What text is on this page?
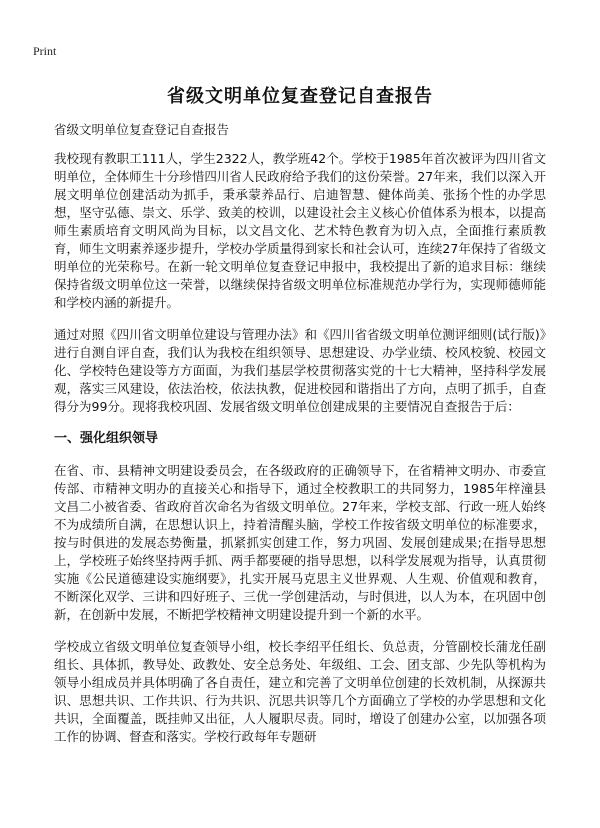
Print
省级文明单位复查登记自查报告
省级文明单位复查登记自查报告

我校现有教职工111人，学生2322人，教学班42个。学校于1985年首次被评为四川省文明单位，全体师生十分珍惜四川省人民政府给予我们的这份荣誉。27年来，我们以深入开展文明单位创建活动为抓手，秉承蒙养品行、启迪智慧、健体尚美、张扬个性的办学思想，坚守弘德、崇文、乐学、致美的校训，以建设社会主义核心价值体系为根本，以提高师生素质培育文明风尚为目标，以文昌文化、艺术特色教育为切入点，全面推行素质教育，师生文明素养逐步提升，学校办学质量得到家长和社会认可，连续27年保持了省级文明单位的光荣称号。在新一轮文明单位复查登记申报中，我校提出了新的追求目标：继续保持省级文明单位这一荣誉，以继续保持省级文明单位标准规范办学行为，实现师德师能和学校内涵的新提升。

通过对照《四川省文明单位建设与管理办法》和《四川省省级文明单位测评细则(试行版)》进行自测自评自查，我们认为我校在组织领导、思想建设、办学业绩、校风校貌、校园文化、学校特色建设等方方面面，为我们基层学校贯彻落实党的十七大精神，坚持科学发展观，落实三风建设，依法治校，依法执教，促进校园和谐指出了方向，点明了抓手，自查得分为99分。现将我校巩固、发展省级文明单位创建成果的主要情况自查报告于后：

一、强化组织领导

在省、市、县精神文明建设委员会，在各级政府的正确领导下，在省精神文明办、市委宣传部、市精神文明办的直接关心和指导下，通过全校教职工的共同努力，1985年梓潼县文昌二小被省委、省政府首次命名为省级文明单位。27年来，学校支部、行政一班人始终不为成绩所自满，在思想认识上，持着清醒头脑，学校工作按省级文明单位的标准要求，按与时俱进的发展态势衡量，抓紧抓实创建工作，努力巩固、发展创建成果;在指导思想上，学校班子始终坚持两手抓、两手都要硬的指导思想，以科学发展观为指导，认真贯彻实施《公民道德建设实施纲要》，扎实开展马克思主义世界观、人生观、价值观和教育，不断深化双学、三讲和四好班子、三优一学创建活动，与时俱进，以人为本，在巩固中创新，在创新中发展，不断把学校精神文明建设提升到一个新的水平。

学校成立省级文明单位复查领导小组，校长李绍平任组长、负总责，分管副校长蒲龙任副组长、具体抓，教导处、政教处、安全总务处、年级组、工会、团支部、少先队等机构为领导小组成员并具体明确了各自责任，建立和完善了文明单位创建的长效机制，从探源共识、思想共识、工作共识、行为共识、沉思共识等几个方面确立了学校的办学思想和文化共识，全面覆盖，既挂帅又出征，人人履职尽责。同时，增设了创建办公室，以加强各项工作的协调、督查和落实。学校行政每年专题研
